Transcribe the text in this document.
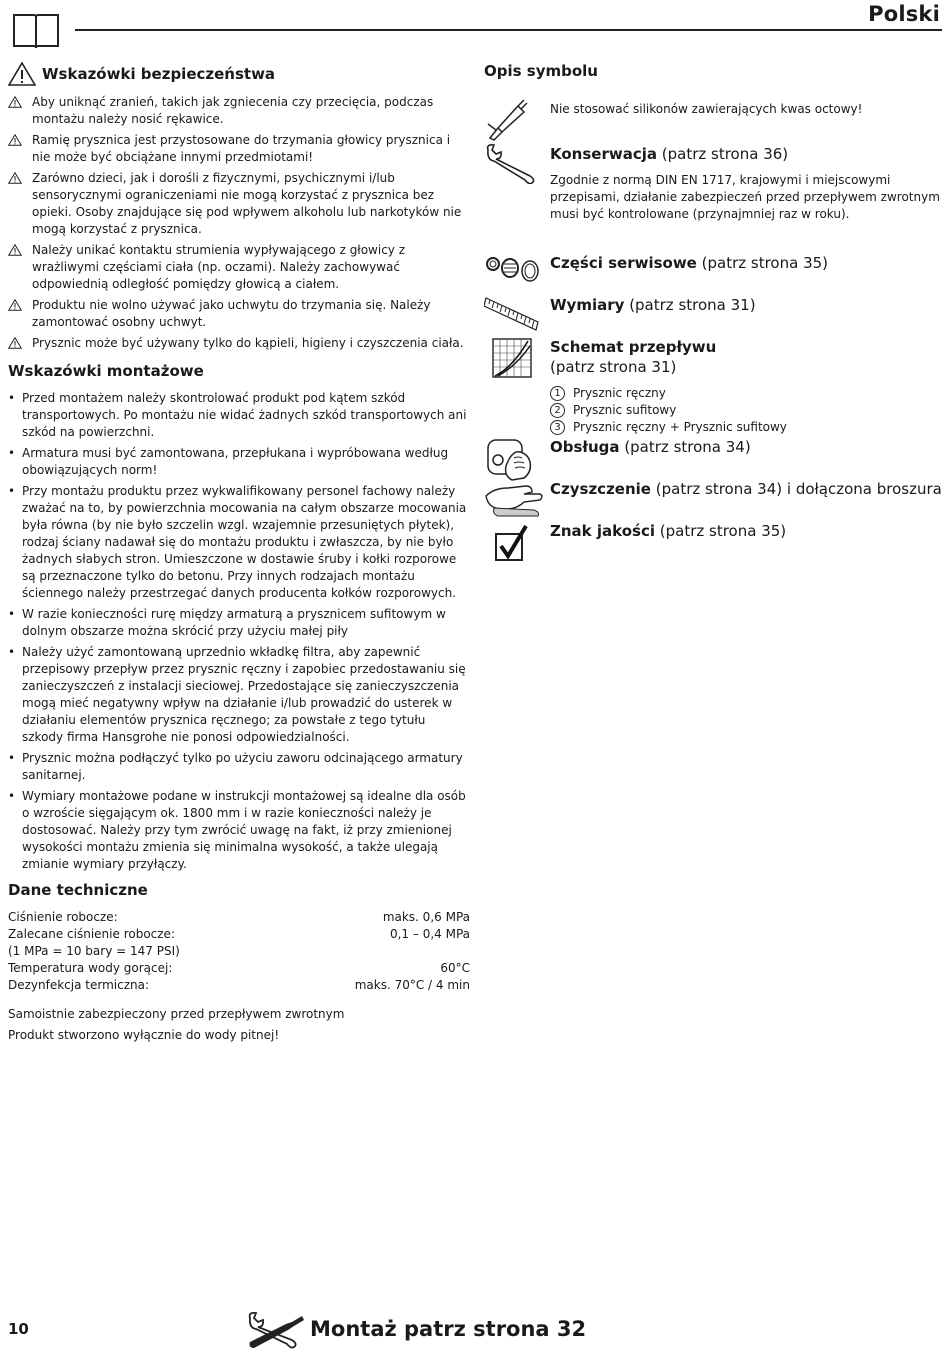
Polski
Wskazówki bezpieczeństwa
Aby uniknąć zranień, takich jak zgniecenia czy przecięcia, podczas montażu należy nosić rękawice.
Ramię prysznica jest przystosowane do trzymania głowicy prysznica i nie może być obciążane innymi przedmiotami!
Zarówno dzieci, jak i dorośli z fizycznymi, psychicznymi i/lub sensorycznymi ograniczeniami nie mogą korzystać z prysznica bez opieki. Osoby znajdujące się pod wpływem alkoholu lub narkotyków nie mogą korzystać z prysznica.
Należy unikać kontaktu strumienia wypływającego z głowicy z wrażliwymi częściami ciała (np. oczami). Należy zachowywać odpowiednią odległość pomiędzy głowicą a ciałem.
Produktu nie wolno używać jako uchwytu do trzymania się. Należy zamontować osobny uchwyt.
Prysznic może być używany tylko do kąpieli, higieny i czyszczenia ciała.
Wskazówki montażowe
• Przed montażem należy skontrolować produkt pod kątem szkód transportowych. Po montażu nie widać żadnych szkód transportowych ani szkód na powierzchni.
• Armatura musi być zamontowana, przepłukana i wypróbowana według obowiązujących norm!
• Przy montażu produktu przez wykwalifikowany personel fachowy należy zważać na to, by powierzchnia mocowania na całym obszarze mocowania była równa (by nie było szczelin wzgl. wzajemnie przesuniętych płytek), rodzaj ściany nadawał się do montażu produktu i zwłaszcza, by nie było żadnych słabych stron. Umieszczone w dostawie śruby i kołki rozporowe są przeznaczone tylko do betonu. Przy innych rodzajach montażu ściennego należy przestrzegać danych producenta kołków rozporowych.
• W razie konieczności rurę między armaturą a prysznicem sufitowym w dolnym obszarze można skrócić przy użyciu małej piły
• Należy użyć zamontowaną uprzednio wkładkę filtra, aby zapewnić przepisowy przepływ przez prysznic ręczny i zapobiec przedostawaniu się zanieczyszczeń z instalacji sieciowej. Przedostające się zanieczyszczenia mogą mieć negatywny wpływ na działanie i/lub prowadzić do usterek w działaniu elementów prysznica ręcznego; za powstałe z tego tytułu szkody firma Hansgrohe nie ponosi odpowiedzialności.
• Prysznic można podłączyć tylko po użyciu zaworu odcinającego armatury sanitarnej.
• Wymiary montażowe podane w instrukcji montażowej są idealne dla osób o wzroście sięgającym ok. 1800 mm i w razie konieczności należy je dostosować. Należy przy tym zwrócić uwagę na fakt, iż przy zmienionej wysokości montażu zmienia się minimalna wysokość, a także ulegają zmianie wymiary przyłączy.
Dane techniczne
Ciśnienie robocze:	maks. 0,6 MPa
Zalecane ciśnienie robocze:	0,1 – 0,4 MPa
(1 MPa = 10 bary = 147 PSI)
Temperatura wody gorącej:	60°C
Dezynfekcja termiczna:	maks. 70°C / 4 min

Samoistnie zabezpieczony przed przepływem zwrotnym

Produkt stworzono wyłącznie do wody pitnej!

Opis symbolu
Nie stosować silikonów zawierających kwas octowy!
Konserwacja (patrz strona 36)
Zgodnie z normą DIN EN 1717, krajowymi i miejscowymi przepisami, działanie zabezpieczeń przed przepływem zwrotnym musi być kontrolowane (przynajmniej raz w roku).
Części serwisowe (patrz strona 35)
Wymiary (patrz strona 31)
Schemat przepływu
(patrz strona 31)
1	Prysznic ręczny
2	Prysznic sufitowy
3	Prysznic ręczny + Prysznic sufitowy
Obsługa (patrz strona 34)
Czyszczenie (patrz strona 34) i dołączona broszura
Znak jakości (patrz strona 35)
10	Montaż patrz strona 32
